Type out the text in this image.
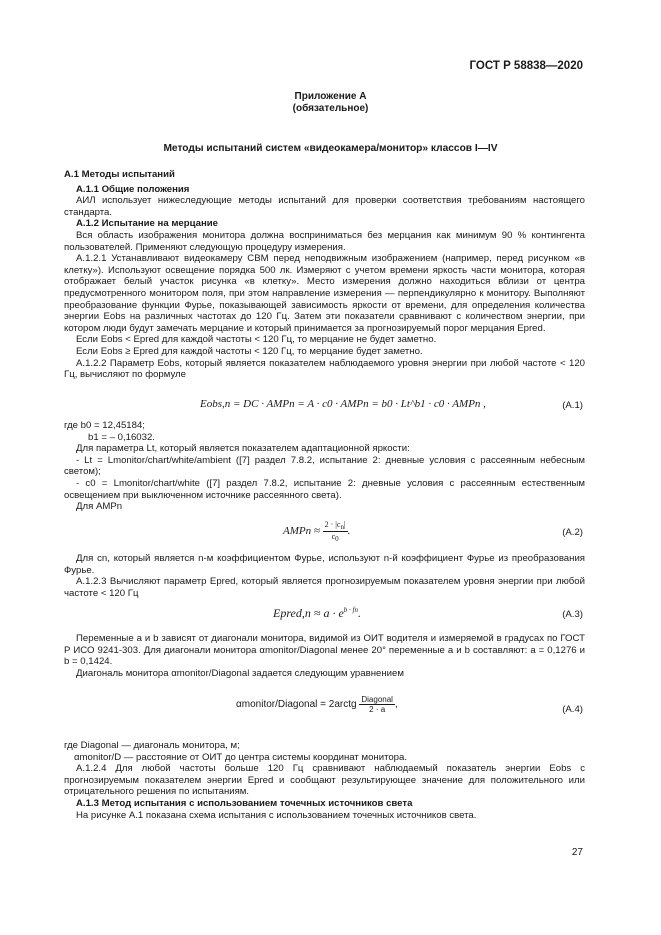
ГОСТ Р 58838—2020
Приложение А
(обязательное)
Методы испытаний систем «видеокамера/монитор» классов I—IV

А.1 Методы испытаний

А.1.1 Общие положения

АИЛ использует нижеследующие методы испытаний для проверки соответствия требованиям настоящего стандарта.

А.1.2 Испытание на мерцание

Вся область изображения монитора должна восприниматься без мерцания как минимум 90 % контингента пользователей. Применяют следующую процедуру измерения.

А.1.2.1 Устанавливают видеокамеру СВМ перед неподвижным изображением (например, перед рисунком «в клетку»). Используют освещение порядка 500 лк. Измеряют с учетом времени яркость части монитора, которая отображает белый участок рисунка «в клетку». Место измерения должно находиться вблизи от центра предусмотренного монитором поля, при этом направление измерения — перпендикулярно к монитору. Выполняют преобразование функции Фурье, показывающей зависимость яркости от времени, для определения количества энергии Eobs на различных частотах до 120 Гц. Затем эти показатели сравнивают с количеством энергии, при котором люди будут замечать мерцание и который принимается за прогнозируемый порог мерцания Epred.

Если Eobs < Epred для каждой частоты < 120 Гц, то мерцание не будет заметно.

Если Eobs ≥ Epred для каждой частоты < 120 Гц, то мерцание будет заметно.

А.1.2.2 Параметр Eobs, который является показателем наблюдаемого уровня энергии при любой частоте < 120 Гц, вычисляют по формуле

Eobs,n = DC · AMPn = A · c0 · AMPn = b0 · Lt^b1 · c0 · AMPn ,	(А.1)

где b0 = 12,45184;

b1 = – 0,16032.

Для параметра Lt, который является показателем адаптационной яркости:

- Lt = Lmonitor/chart/white/ambient ([7] раздел 7.8.2, испытание 2: дневные условия с рассеянным небесным светом);

- c0 = Lmonitor/chart/white ([7] раздел 7.8.2, испытание 2: дневные условия с рассеянным естественным освещением при выключенном источнике рассеянного света).

Для AMPn

AMPn ≈ $\frac{2 \cdot |c_n|}{c_0}$ .	(А.2)

Для cn, который является n-м коэффициентом Фурье, используют n-й коэффициент Фурье из преобразования Фурье.

А.1.2.3 Вычисляют параметр Epred, который является прогнозируемым показателем уровня энергии при любой частоте < 120 Гц

Epred,n ≈ $a \cdot e^{b \cdot fn}$.	(А.3)

Переменные a и b зависят от диагонали монитора, видимой из ОИТ водителя и измеряемой в градусах по ГОСТ Р ИСО 9241-303. Для диагонали монитора αmonitor/Diagonal менее 20° переменные a и b составляют: a = 0,1276 и b = 0,1424.

Диагональ монитора αmonitor/Diagonal задается следующим уравнением

αmonitor/Diagonal = 2arctg $\frac{\text{Diagonal}}{2 \cdot a}$ ,	(А.4)

где Diagonal — диагональ монитора, м;

αmonitor/D — расстояние от ОИТ до центра системы координат монитора.

А.1.2.4 Для любой частоты больше 120 Гц сравнивают наблюдаемый показатель энергии Eobs с прогнозируемым показателем энергии Epred и сообщают результирующее значение для положительного или отрицательного решения по испытаниям.

А.1.3 Метод испытания с использованием точечных источников света

На рисунке А.1 показана схема испытания с использованием точечных источников света.

27
